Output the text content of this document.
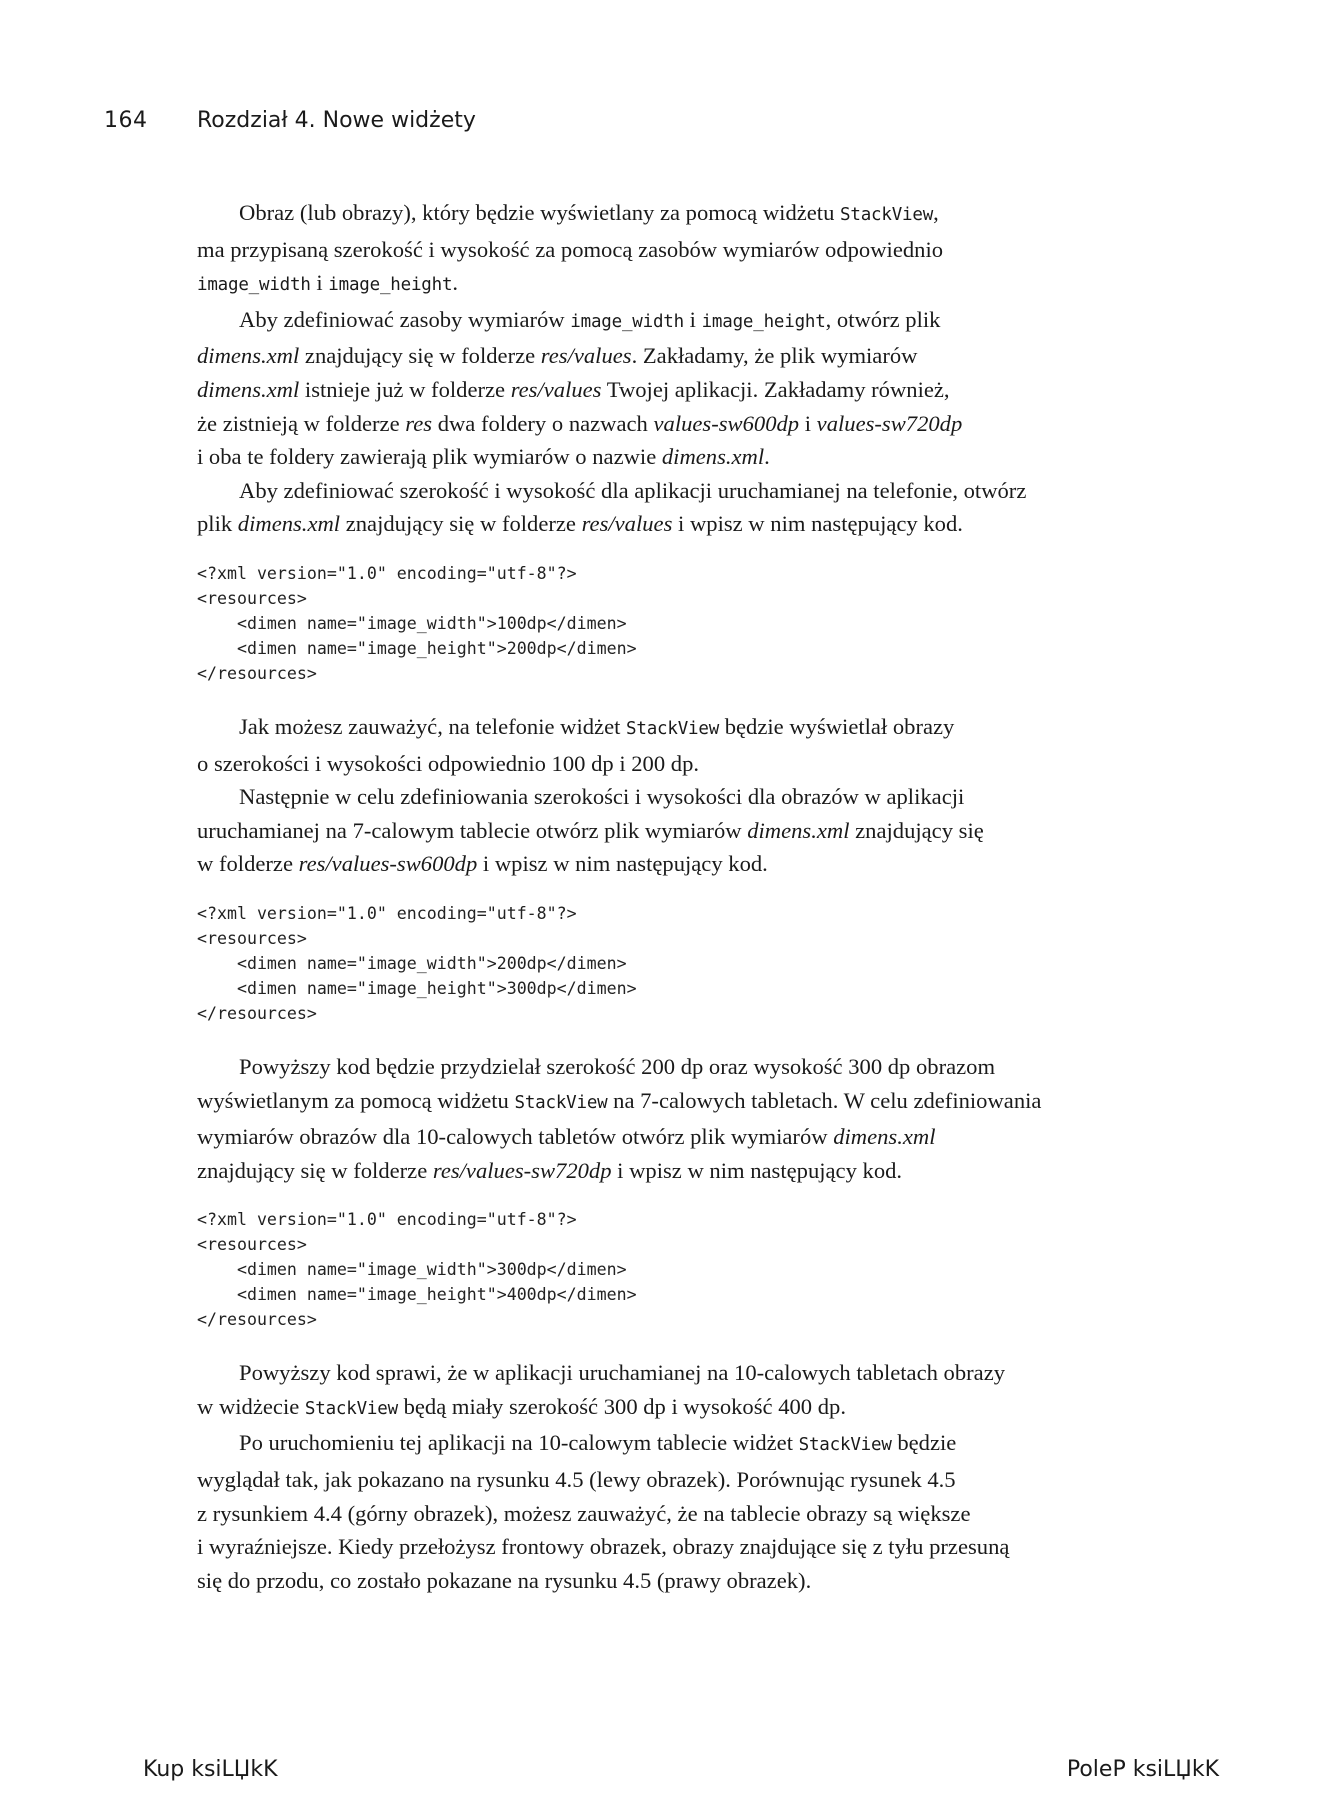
164 Rozdział 4. Nowe widżety

Obraz (lub obrazy), który będzie wyświetlany za pomocą widżetu StackView,
ma przypisaną szerokość i wysokość za pomocą zasobów wymiarów odpowiednio
image_width i image_height.

Aby zdefiniować zasoby wymiarów image_width i image_height, otwórz plik
dimens.xml znajdujący się w folderze res/values. Zakładamy, że plik wymiarów
dimens.xml istnieje już w folderze res/values Twojej aplikacji. Zakładamy również,
że zistnieją w folderze res dwa foldery o nazwach values-sw600dp i values-sw720dp
i oba te foldery zawierają plik wymiarów o nazwie dimens.xml.

Aby zdefiniować szerokość i wysokość dla aplikacji uruchamianej na telefonie, otwórz
plik dimens.xml znajdujący się w folderze res/values i wpisz w nim następujący kod.

<?xml version="1.0" encoding="utf-8"?>
<resources>
<dimen name="image_width">100dp</dimen>
<dimen name="image_height">200dp</dimen>
</resources>

Jak możesz zauważyć, na telefonie widżet StackView będzie wyświetlał obrazy
o szerokości i wysokości odpowiednio 100 dp i 200 dp.

Następnie w celu zdefiniowania szerokości i wysokości dla obrazów w aplikacji
uruchamianej na 7-calowym tablecie otwórz plik wymiarów dimens.xml znajdujący się
w folderze res/values-sw600dp i wpisz w nim następujący kod.

<?xml version="1.0" encoding="utf-8"?>
<resources>
<dimen name="image_width">200dp</dimen>
<dimen name="image_height">300dp</dimen>
</resources>

Powyższy kod będzie przydzielał szerokość 200 dp oraz wysokość 300 dp obrazom
wyświetlanym za pomocą widżetu StackView na 7-calowych tabletach. W celu zdefiniowania
wymiarów obrazów dla 10-calowych tabletów otwórz plik wymiarów dimens.xml
znajdujący się w folderze res/values-sw720dp i wpisz w nim następujący kod.

<?xml version="1.0" encoding="utf-8"?>
<resources>
<dimen name="image_width">300dp</dimen>
<dimen name="image_height">400dp</dimen>
</resources>

Powyższy kod sprawi, że w aplikacji uruchamianej na 10-calowych tabletach obrazy
w widżecie StackView będą miały szerokość 300 dp i wysokość 400 dp.

Po uruchomieniu tej aplikacji na 10-calowym tablecie widżet StackView będzie
wyglądał tak, jak pokazano na rysunku 4.5 (lewy obrazek). Porównując rysunek 4.5
z rysunkiem 4.4 (górny obrazek), możesz zauważyć, że na tablecie obrazy są większe
i wyraźniejsze. Kiedy przełożysz frontowy obrazek, obrazy znajdujące się z tyłu przesuną
się do przodu, co zostało pokazane na rysunku 4.5 (prawy obrazek).

Kup ksiLЏkK	PoleP ksiLЏkK
